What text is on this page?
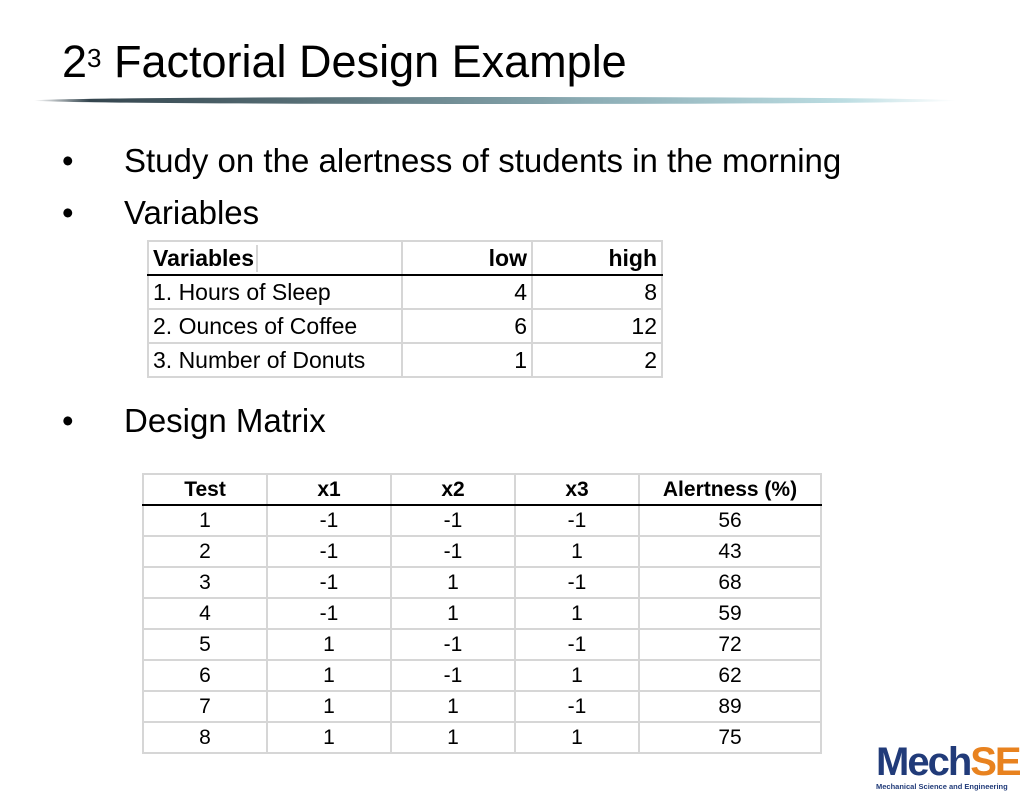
$2^3$ Factorial Design Example
• Study on the alertness of students in the morning
• Variables
• Design Matrix
Variables	low	high
1. Hours of Sleep	4	8
2. Ounces of Coffee	6	12
3. Number of Donuts	1	2
Test	x1	x2	x3	Alertness (%)
1	-1	-1	-1	56
2	-1	-1	1	43
3	-1	1	-1	68
4	-1	1	1	59
5	1	-1	-1	72
6	1	-1	1	62
7	1	1	-1	89
8	1	1	1	75
MechSE
Mechanical Science and Engineering
